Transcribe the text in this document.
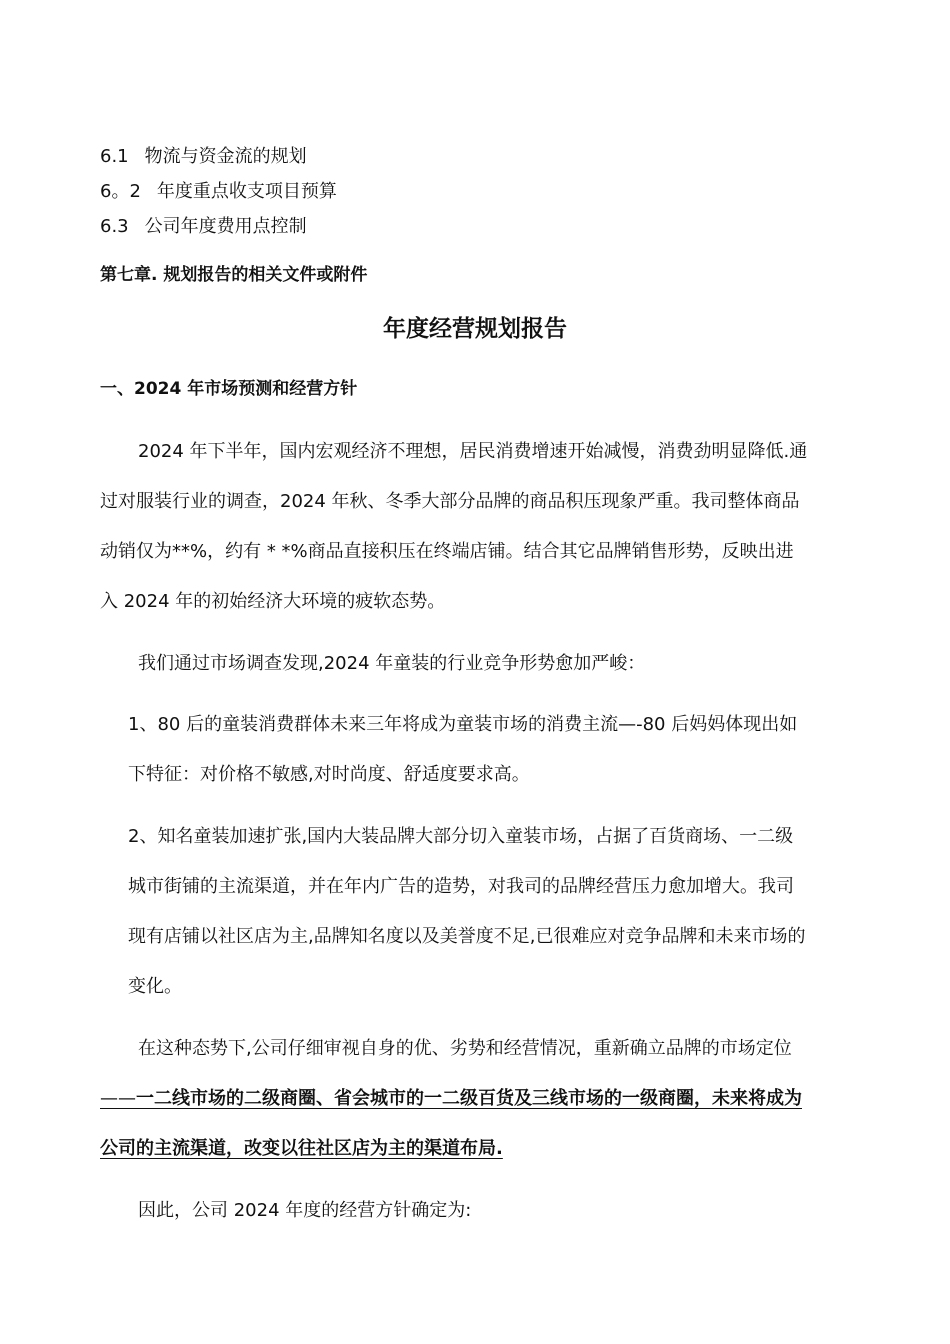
6.1 物流与资金流的规划
6。2 年度重点收支项目预算
6.3 公司年度费用点控制
第七章. 规划报告的相关文件或附件
年度经营规划报告
一、2024 年市场预测和经营方针
2024 年下半年，国内宏观经济不理想，居民消费增速开始减慢，消费劲明显降低.通
过对服装行业的调查，2024 年秋、冬季大部分品牌的商品积压现象严重。我司整体商品
动销仅为**%，约有 * *%商品直接积压在终端店铺。结合其它品牌销售形势，反映出进
入 2024 年的初始经济大环境的疲软态势。
我们通过市场调查发现,2024 年童装的行业竞争形势愈加严峻：
1、80 后的童装消费群体未来三年将成为童装市场的消费主流—-80 后妈妈体现出如
下特征：对价格不敏感,对时尚度、舒适度要求高。
2、知名童装加速扩张,国内大装品牌大部分切入童装市场，占据了百货商场、一二级
城市街铺的主流渠道，并在年内广告的造势，对我司的品牌经营压力愈加增大。我司
现有店铺以社区店为主,品牌知名度以及美誉度不足,已很难应对竞争品牌和未来市场的
变化。
在这种态势下,公司仔细审视自身的优、劣势和经营情况，重新确立品牌的市场定位
——一二线市场的二级商圈、省会城市的一二级百货及三线市场的一级商圈，未来将成为
公司的主流渠道，改变以往社区店为主的渠道布局.
因此，公司 2024 年度的经营方针确定为:
